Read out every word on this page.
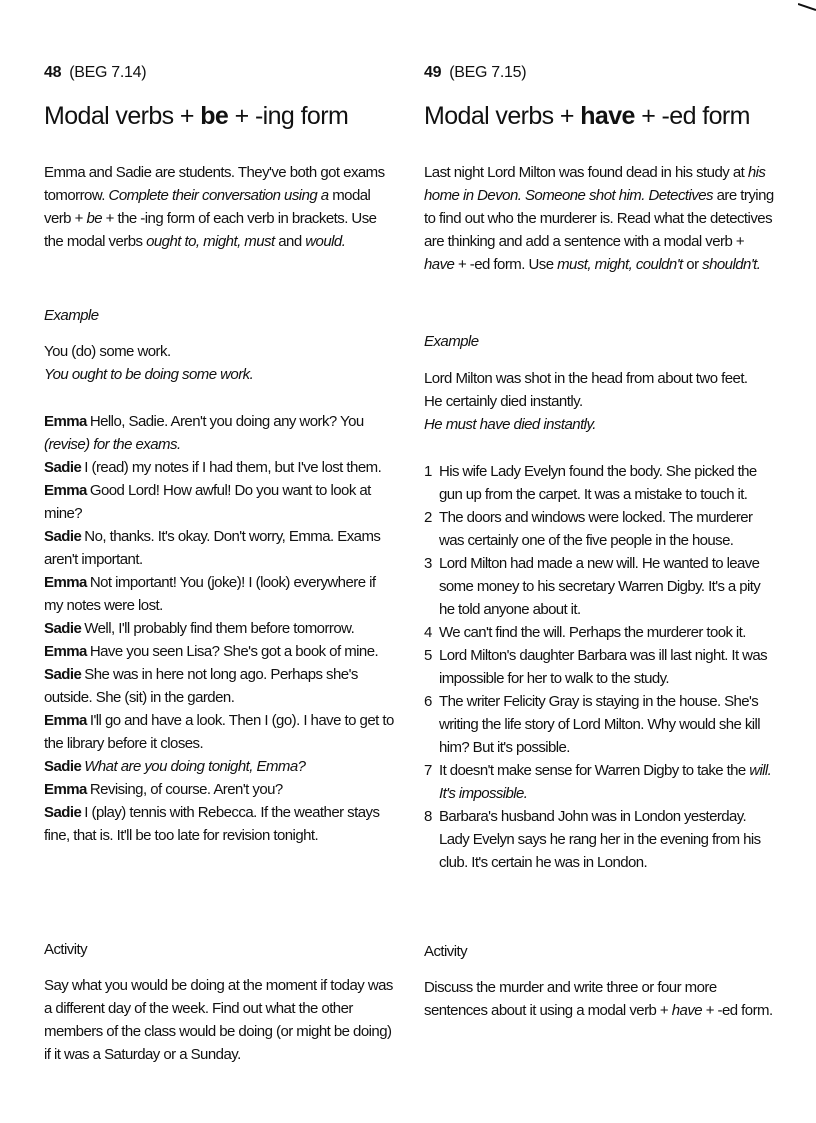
48 (BEG 7.14)
Modal verbs + be + -ing form

Emma and Sadie are students. They've both got exams tomorrow. Complete their conversation using a modal verb + be + the -ing form of each verb in brackets. Use the modal verbs ought to, might, must and would.

Example

You (do) some work.

You ought to be doing some work.

Emma Hello, Sadie. Aren't you doing any work? You (revise) for the exams.

Sadie I (read) my notes if I had them, but I've lost them.

Emma Good Lord! How awful! Do you want to look at mine?

Sadie No, thanks. It's okay. Don't worry, Emma. Exams aren't important.

Emma Not important! You (joke)! I (look) everywhere if my notes were lost.

Sadie Well, I'll probably find them before tomorrow.

Emma Have you seen Lisa? She's got a book of mine.

Sadie She was in here not long ago. Perhaps she's outside. She (sit) in the garden.

Emma I'll go and have a look. Then I (go). I have to get to the library before it closes.

Sadie What are you doing tonight, Emma?

Emma Revising, of course. Aren't you?

Sadie I (play) tennis with Rebecca. If the weather stays fine, that is. It'll be too late for revision tonight.

Activity

Say what you would be doing at the moment if today was a different day of the week. Find out what the other members of the class would be doing (or might be doing) if it was a Saturday or a Sunday.

49 (BEG 7.15)
Modal verbs + have + -ed form

Last night Lord Milton was found dead in his study at his home in Devon. Someone shot him. Detectives are trying to find out who the murderer is. Read what the detectives are thinking and add a sentence with a modal verb + have + -ed form. Use must, might, couldn't or shouldn't.

Example

Lord Milton was shot in the head from about two feet.

He certainly died instantly.

He must have died instantly.

1 His wife Lady Evelyn found the body. She picked the gun up from the carpet. It was a mistake to touch it.
2 The doors and windows were locked. The murderer was certainly one of the five people in the house.
3 Lord Milton had made a new will. He wanted to leave some money to his secretary Warren Digby. It's a pity he told anyone about it.
4 We can't find the will. Perhaps the murderer took it.
5 Lord Milton's daughter Barbara was ill last night. It was impossible for her to walk to the study.
6 The writer Felicity Gray is staying in the house. She's writing the life story of Lord Milton. Why would she kill him? But it's possible.
7 It doesn't make sense for Warren Digby to take the will. It's impossible.
8 Barbara's husband John was in London yesterday. Lady Evelyn says he rang her in the evening from his club. It's certain he was in London.

Activity

Discuss the murder and write three or four more sentences about it using a modal verb + have + -ed form.
